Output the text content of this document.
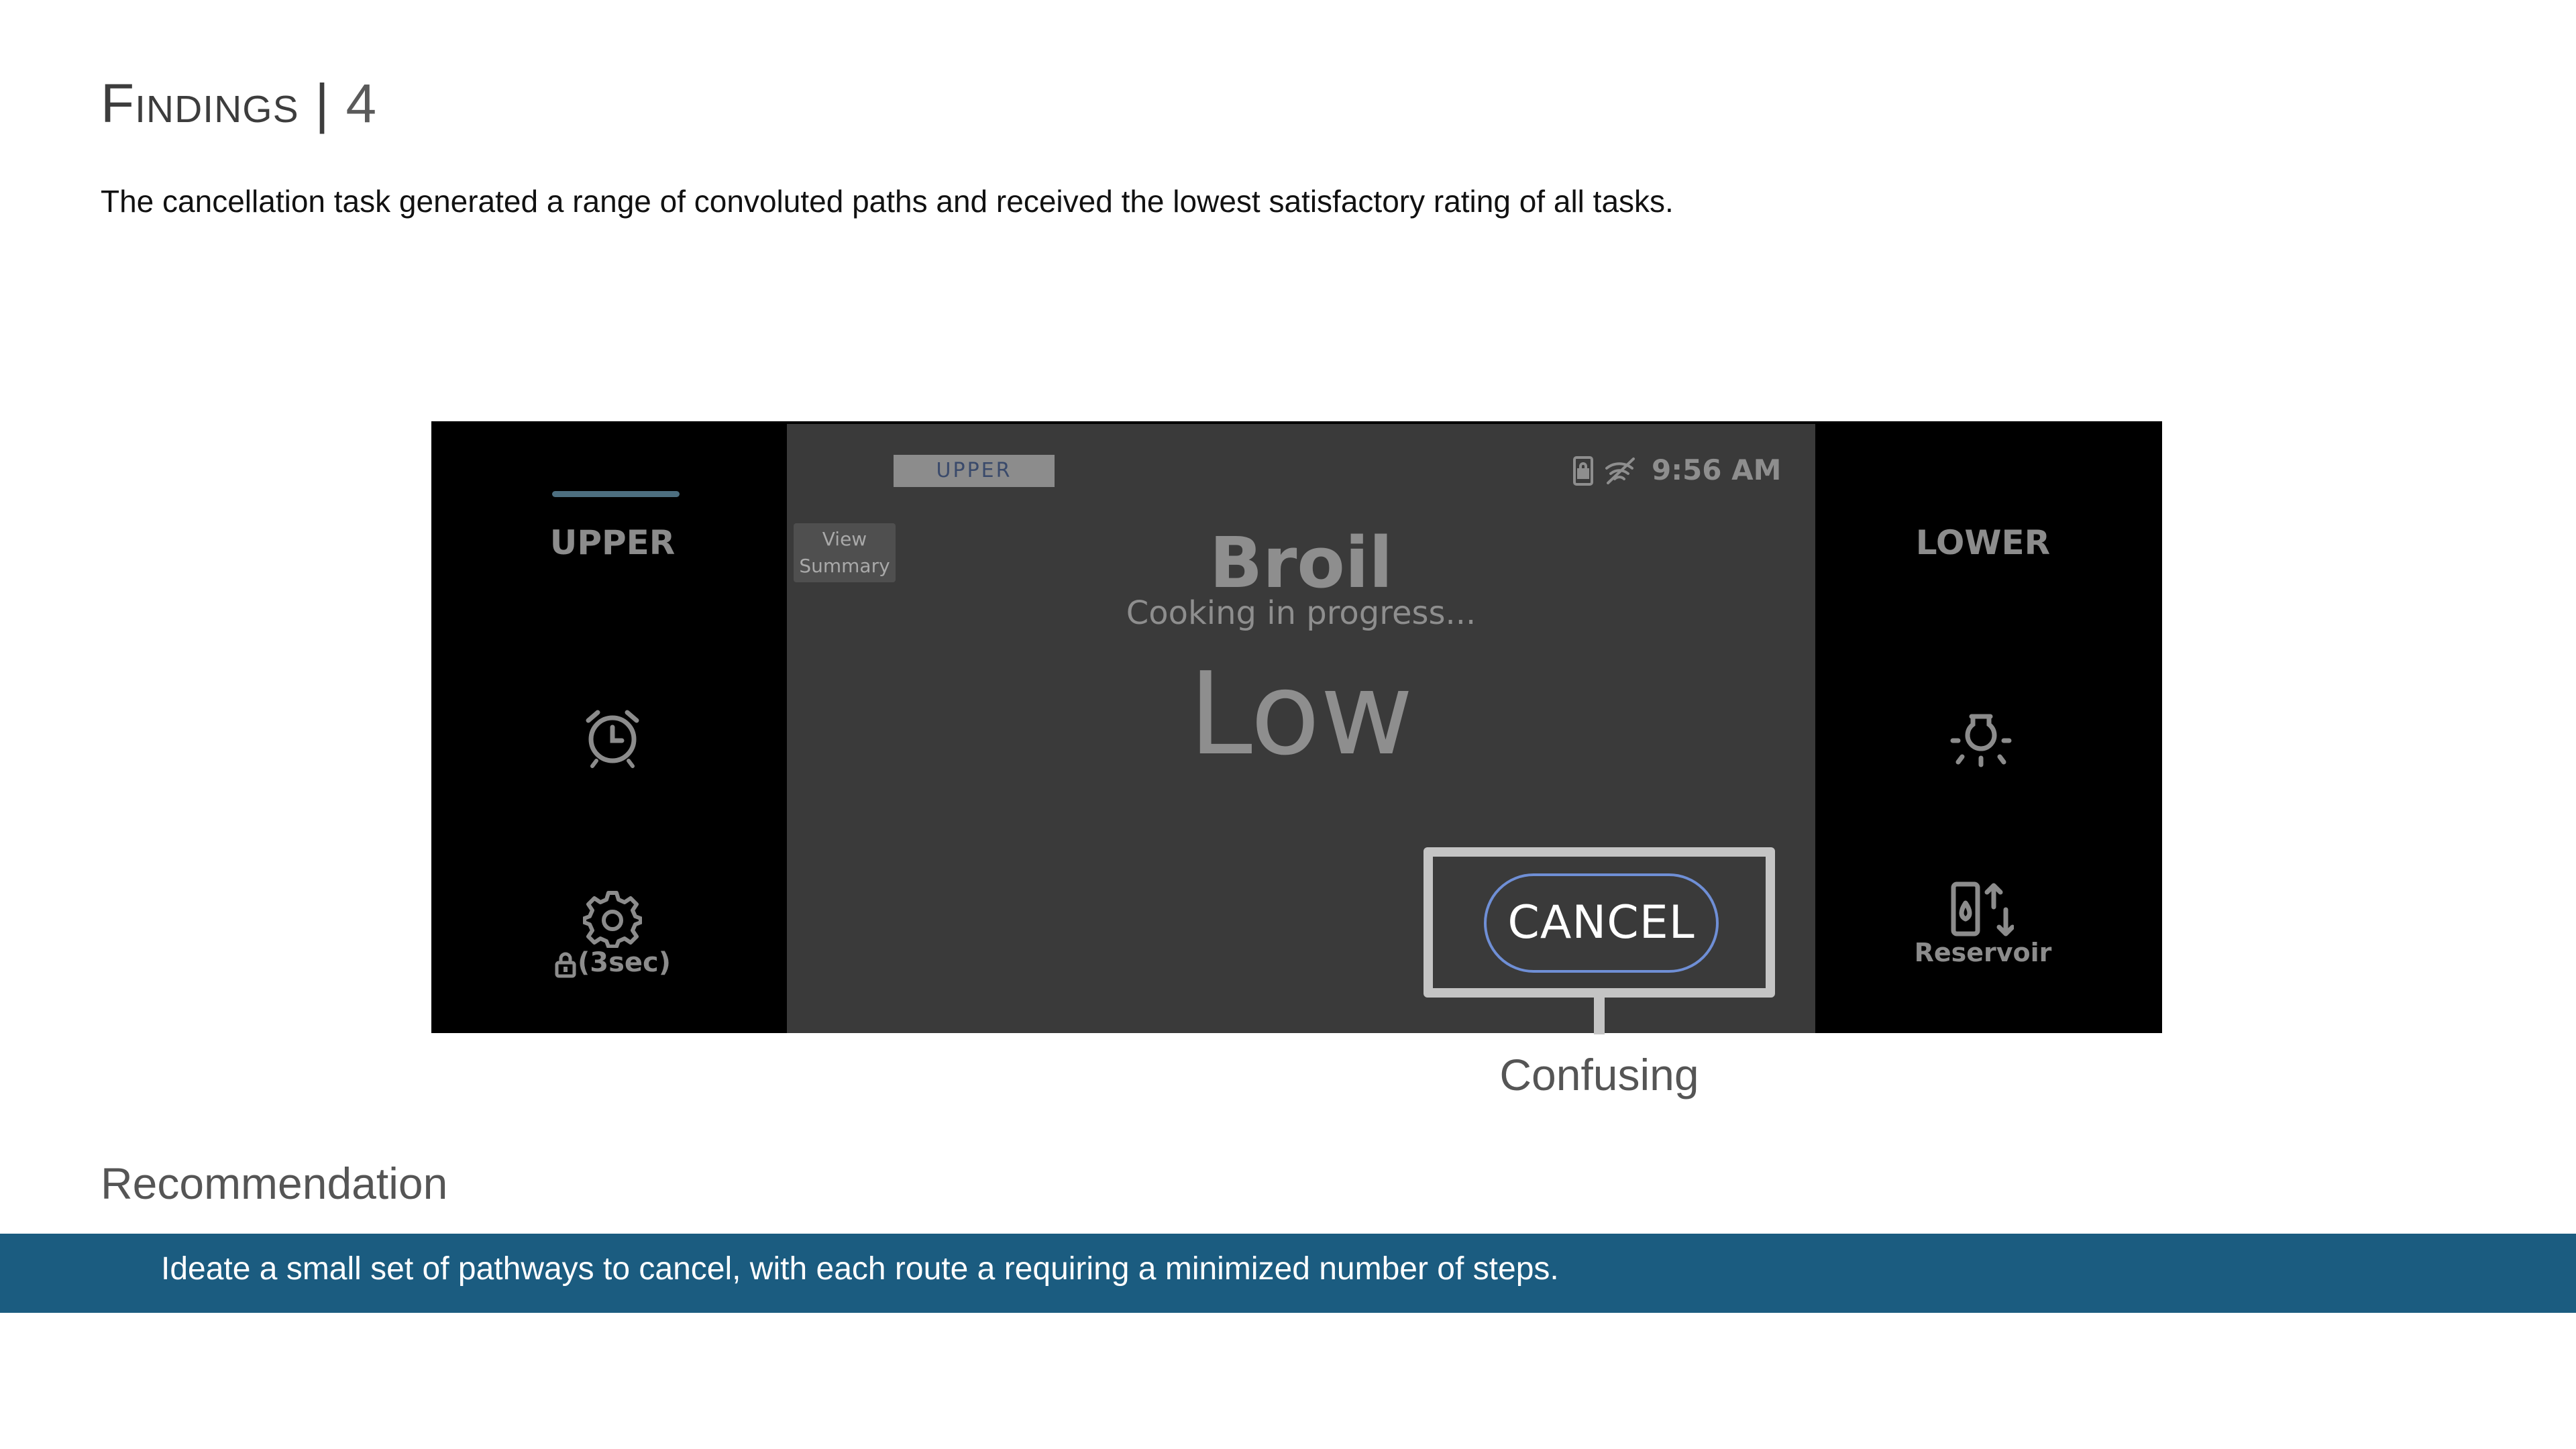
Findings | 4
The cancellation task generated a range of convoluted paths and received the lowest satisfactory rating of all tasks.
UPPER
(3sec)
LOWER
Reservoir
UPPER
View
Summary
9:56 AM
Broil
Cooking in progress...
Low
CANCEL
Confusing
Recommendation
Ideate a small set of pathways to cancel, with each route a requiring a minimized number of steps.
